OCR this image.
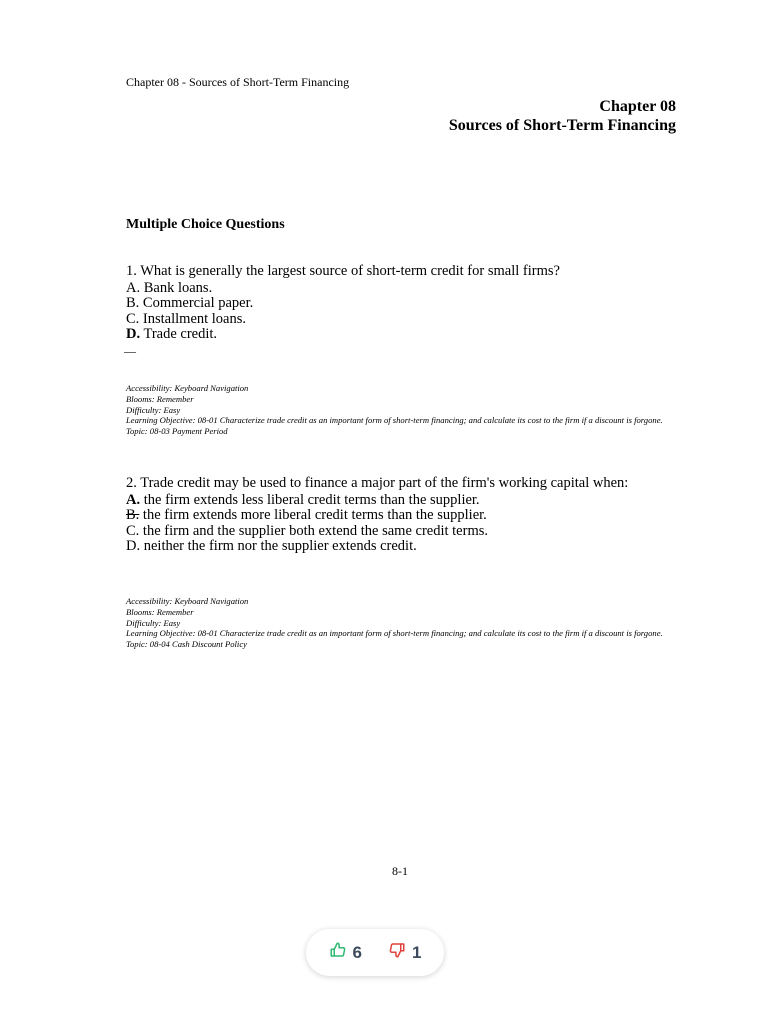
Chapter 08 - Sources of Short-Term Financing
Chapter 08
Sources of Short-Term Financing
Multiple Choice Questions
1. What is generally the largest source of short-term credit for small firms?
A. Bank loans.
B. Commercial paper.
C. Installment loans.
D. Trade credit.
—
Accessibility: Keyboard Navigation
Blooms: Remember
Difficulty: Easy
Learning Objective: 08-01 Characterize trade credit as an important form of short-term financing; and calculate its cost to the firm if a discount is forgone.
Topic: 08-03 Payment Period
2. Trade credit may be used to finance a major part of the firm's working capital when:
A. the firm extends less liberal credit terms than the supplier.
B. the firm extends more liberal credit terms than the supplier.
C. the firm and the supplier both extend the same credit terms.
D. neither the firm nor the supplier extends credit.
Accessibility: Keyboard Navigation
Blooms: Remember
Difficulty: Easy
Learning Objective: 08-01 Characterize trade credit as an important form of short-term financing; and calculate its cost to the firm if a discount is forgone.
Topic: 08-04 Cash Discount Policy
8-1
6	1
